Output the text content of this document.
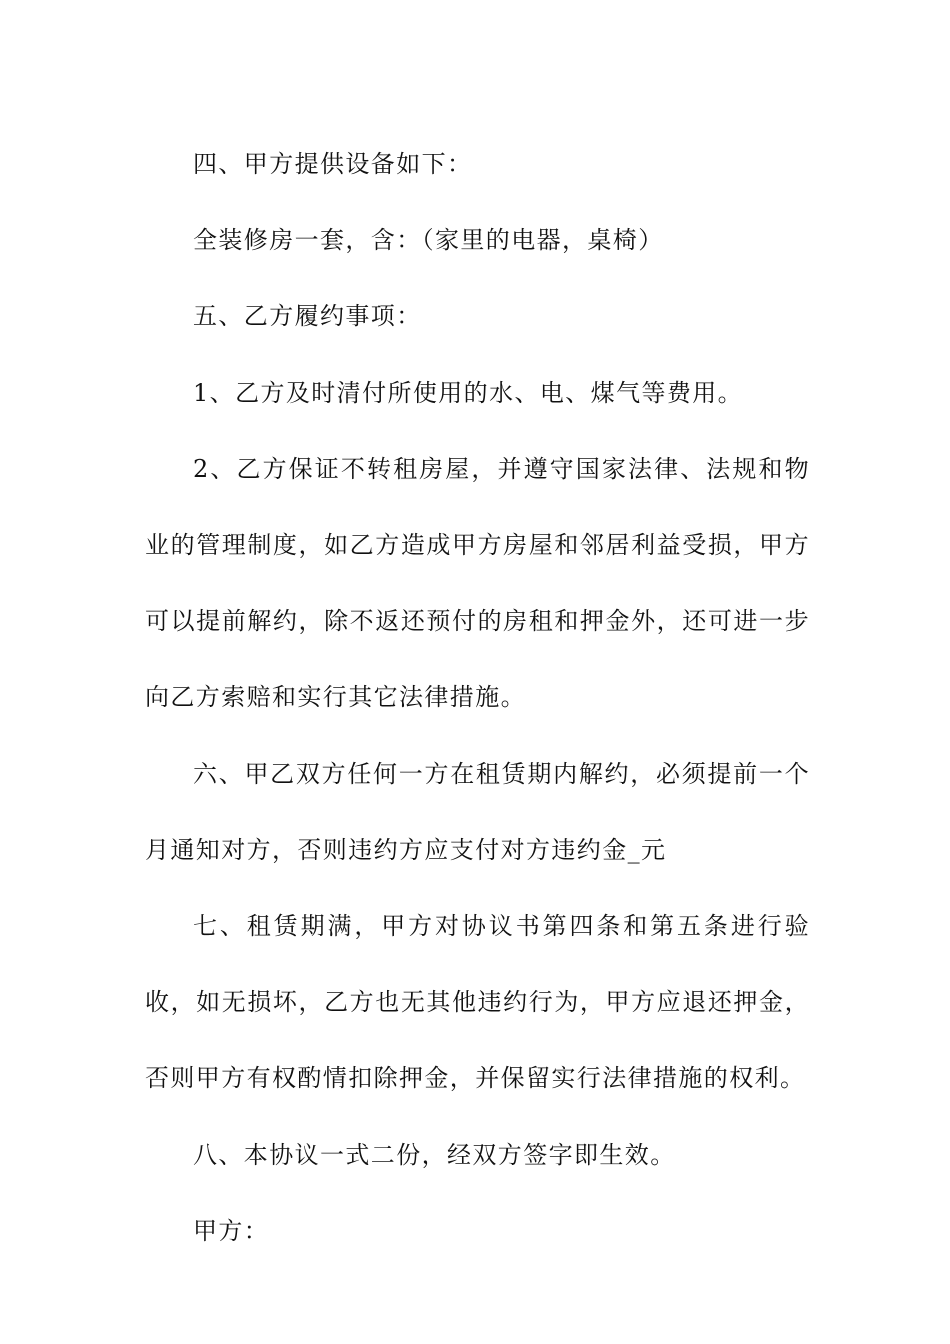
四、甲方提供设备如下：

全装修房一套，含：（家里的电器，桌椅）

五、乙方履约事项：

1、乙方及时清付所使用的水、电、煤气等费用。

2、乙方保证不转租房屋，并遵守国家法律、法规和物业的管理制度，如乙方造成甲方房屋和邻居利益受损，甲方可以提前解约，除不返还预付的房租和押金外，还可进一步向乙方索赔和实行其它法律措施。

六、甲乙双方任何一方在租赁期内解约，必须提前一个月通知对方，否则违约方应支付对方违约金_元

七、租赁期满，甲方对协议书第四条和第五条进行验收，如无损坏，乙方也无其他违约行为，甲方应退还押金，否则甲方有权酌情扣除押金，并保留实行法律措施的权利。

八、本协议一式二份，经双方签字即生效。

甲方：
